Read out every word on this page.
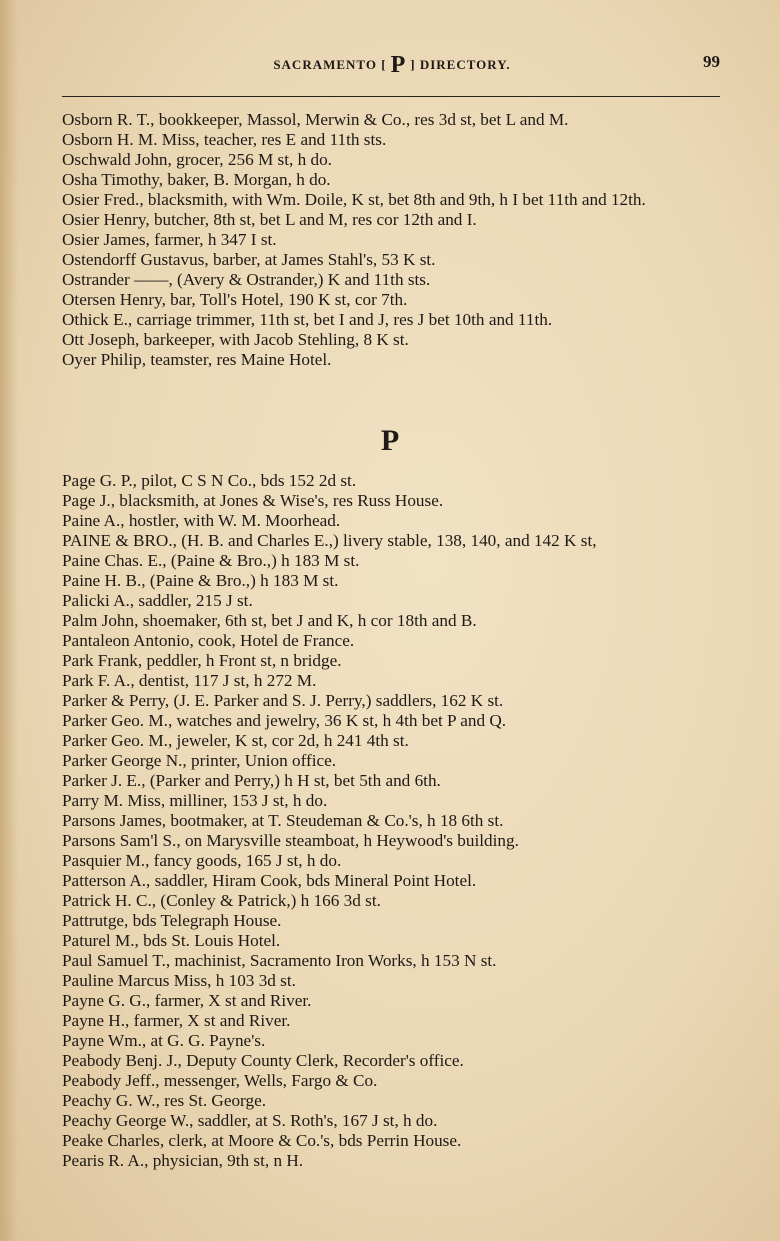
SACRAMENTO [ P ] DIRECTORY.	99
Osborn R. T., bookkeeper, Massol, Merwin & Co., res 3d st, bet L and M.
Osborn H. M. Miss, teacher, res E and 11th sts.
Oschwald John, grocer, 256 M st, h do.
Osha Timothy, baker, B. Morgan, h do.
Osier Fred., blacksmith, with Wm. Doile, K st, bet 8th and 9th, h I bet 11th and 12th.
Osier Henry, butcher, 8th st, bet L and M, res cor 12th and I.
Osier James, farmer, h 347 I st.
Ostendorff Gustavus, barber, at James Stahl's, 53 K st.
Ostrander ——, (Avery & Ostrander,) K and 11th sts.
Otersen Henry, bar, Toll's Hotel, 190 K st, cor 7th.
Othick E., carriage trimmer, 11th st, bet I and J, res J bet 10th and 11th.
Ott Joseph, barkeeper, with Jacob Stehling, 8 K st.
Oyer Philip, teamster, res Maine Hotel.
P
Page G. P., pilot, C S N Co., bds 152 2d st.
Page J., blacksmith, at Jones & Wise's, res Russ House.
Paine A., hostler, with W. M. Moorhead.
PAINE & BRO., (H. B. and Charles E.,) livery stable, 138, 140, and 142 K st,
Paine Chas. E., (Paine & Bro.,) h 183 M st.
Paine H. B., (Paine & Bro.,) h 183 M st.
Palicki A., saddler, 215 J st.
Palm John, shoemaker, 6th st, bet J and K, h cor 18th and B.
Pantaleon Antonio, cook, Hotel de France.
Park Frank, peddler, h Front st, n bridge.
Park F. A., dentist, 117 J st, h 272 M.
Parker & Perry, (J. E. Parker and S. J. Perry,) saddlers, 162 K st.
Parker Geo. M., watches and jewelry, 36 K st, h 4th bet P and Q.
Parker Geo. M., jeweler, K st, cor 2d, h 241 4th st.
Parker George N., printer, Union office.
Parker J. E., (Parker and Perry,) h H st, bet 5th and 6th.
Parry M. Miss, milliner, 153 J st, h do.
Parsons James, bootmaker, at T. Steudeman & Co.'s, h 18 6th st.
Parsons Sam'l S., on Marysville steamboat, h Heywood's building.
Pasquier M., fancy goods, 165 J st, h do.
Patterson A., saddler, Hiram Cook, bds Mineral Point Hotel.
Patrick H. C., (Conley & Patrick,) h 166 3d st.
Pattrutge, bds Telegraph House.
Paturel M., bds St. Louis Hotel.
Paul Samuel T., machinist, Sacramento Iron Works, h 153 N st.
Pauline Marcus Miss, h 103 3d st.
Payne G. G., farmer, X st and River.
Payne H., farmer, X st and River.
Payne Wm., at G. G. Payne's.
Peabody Benj. J., Deputy County Clerk, Recorder's office.
Peabody Jeff., messenger, Wells, Fargo & Co.
Peachy G. W., res St. George.
Peachy George W., saddler, at S. Roth's, 167 J st, h do.
Peake Charles, clerk, at Moore & Co.'s, bds Perrin House.
Pearis R. A., physician, 9th st, n H.
